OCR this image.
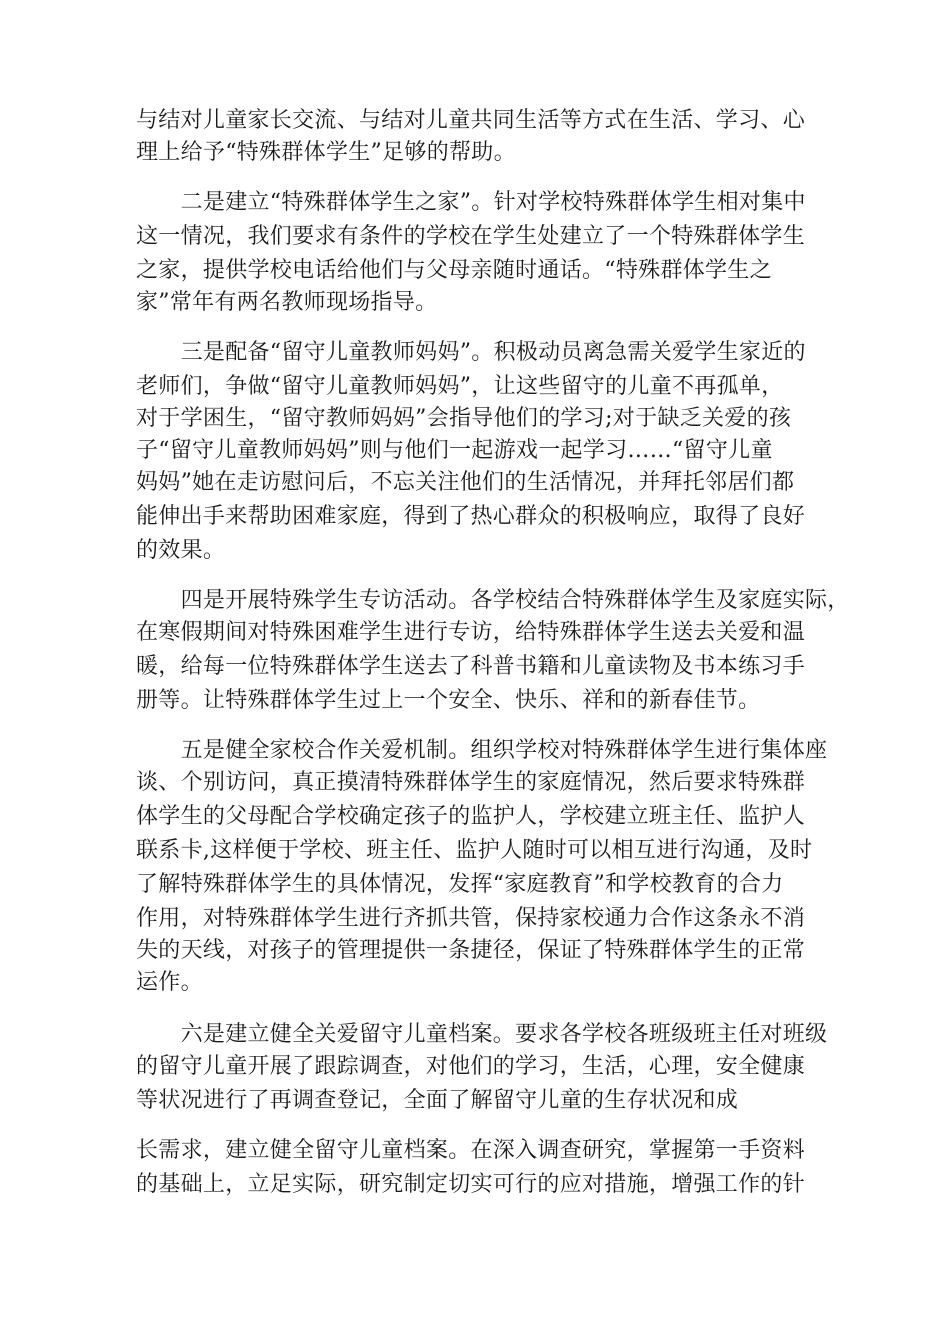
与结对儿童家长交流、与结对儿童共同生活等方式在生活、学习、心
理上给予“特殊群体学生”足够的帮助。
　　二是建立“特殊群体学生之家”。针对学校特殊群体学生相对集中
这一情况，我们要求有条件的学校在学生处建立了一个特殊群体学生
之家，提供学校电话给他们与父母亲随时通话。“特殊群体学生之
家”常年有两名教师现场指导。
　　三是配备“留守儿童教师妈妈”。积极动员离急需关爱学生家近的
老师们，争做“留守儿童教师妈妈”，让这些留守的儿童不再孤单，
对于学困生，“留守教师妈妈”会指导他们的学习;对于缺乏关爱的孩
子“留守儿童教师妈妈”则与他们一起游戏一起学习……“留守儿童
妈妈”她在走访慰问后，不忘关注他们的生活情况，并拜托邻居们都
能伸出手来帮助困难家庭，得到了热心群众的积极响应，取得了良好
的效果。
　　四是开展特殊学生专访活动。各学校结合特殊群体学生及家庭实际，
在寒假期间对特殊困难学生进行专访，给特殊群体学生送去关爱和温
暖，给每一位特殊群体学生送去了科普书籍和儿童读物及书本练习手
册等。让特殊群体学生过上一个安全、快乐、祥和的新春佳节。
　　五是健全家校合作关爱机制。组织学校对特殊群体学生进行集体座
谈、个别访问，真正摸清特殊群体学生的家庭情况，然后要求特殊群
体学生的父母配合学校确定孩子的监护人，学校建立班主任、监护人
联系卡,这样便于学校、班主任、监护人随时可以相互进行沟通，及时
了解特殊群体学生的具体情况，发挥“家庭教育”和学校教育的合力
作用，对特殊群体学生进行齐抓共管，保持家校通力合作这条永不消
失的天线，对孩子的管理提供一条捷径，保证了特殊群体学生的正常
运作。
　　六是建立健全关爱留守儿童档案。要求各学校各班级班主任对班级
的留守儿童开展了跟踪调查，对他们的学习，生活，心理，安全健康
等状况进行了再调查登记，全面了解留守儿童的生存状况和成
长需求，建立健全留守儿童档案。在深入调查研究，掌握第一手资料
的基础上，立足实际，研究制定切实可行的应对措施，增强工作的针
